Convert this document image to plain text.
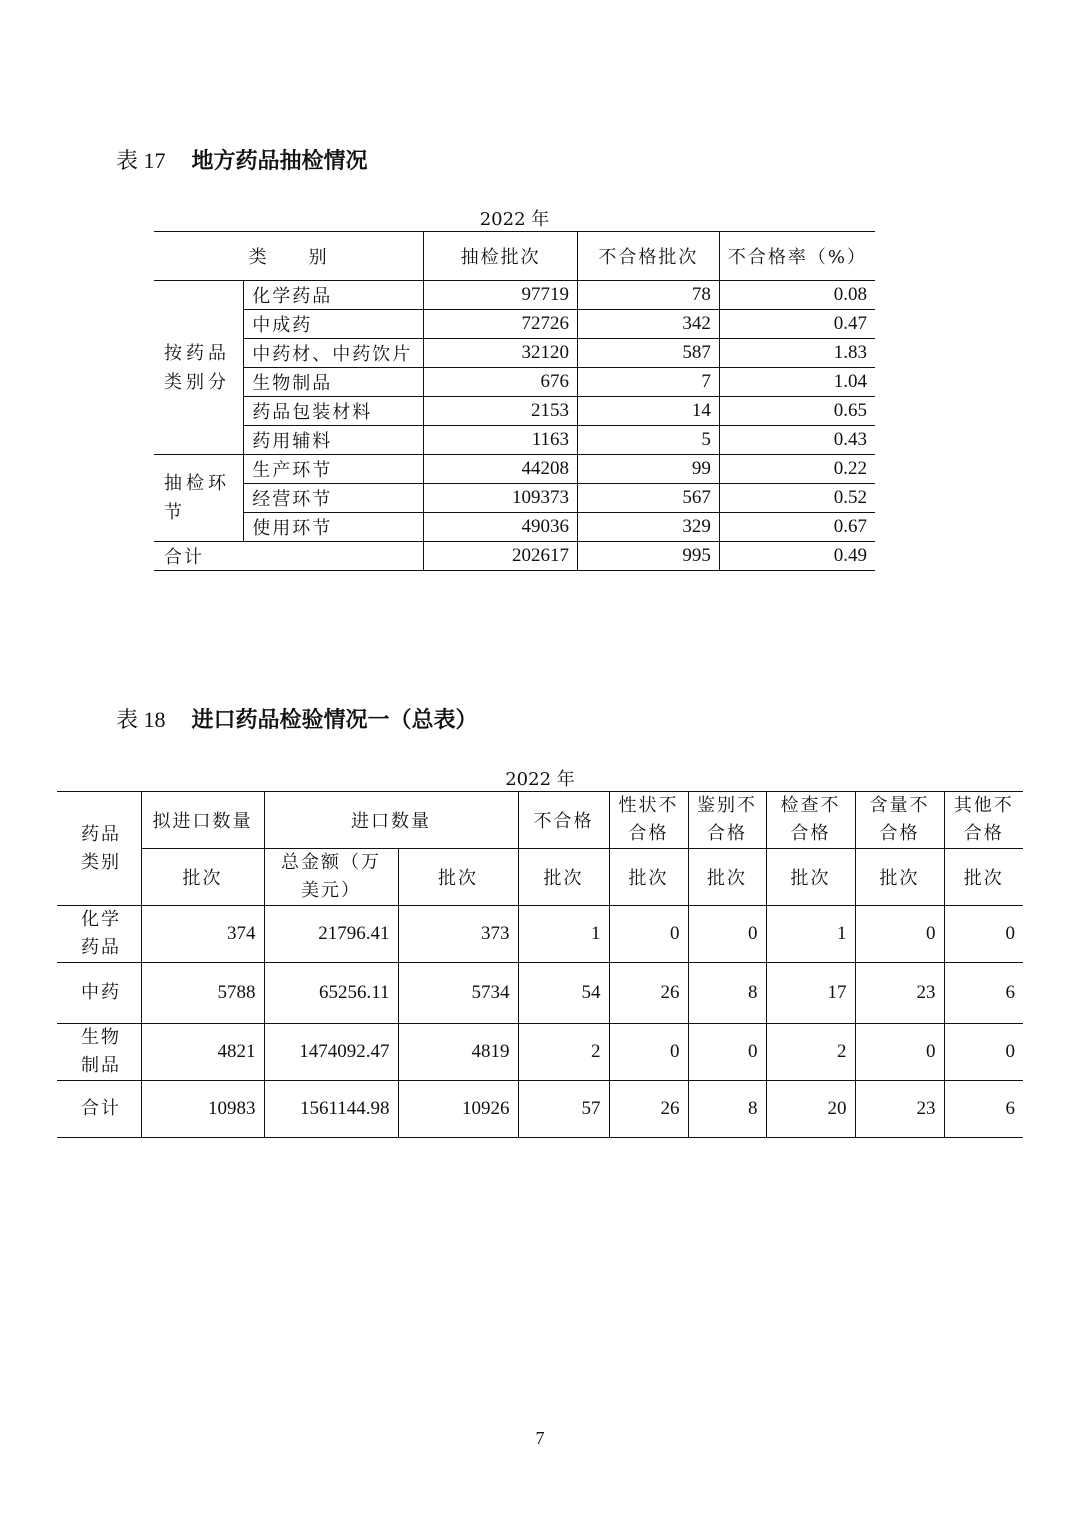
表 17 地方药品抽检情况
2022 年
类　　别		抽检批次	不合格批次	不合格率（%）
按药品类别分	化学药品	97719	78	0.08
	中成药	72726	342	0.47
	中药材、中药饮片	32120	587	1.83
	生物制品	676	7	1.04
	药品包装材料	2153	14	0.65
	药用辅料	1163	5	0.43
抽检环节	生产环节	44208	99	0.22
	经营环节	109373	567	0.52
	使用环节	49036	329	0.67
合计		202617	995	0.49
表 18 进口药品检验情况一（总表）
2022 年
药品类别	拟进口数量	进口数量		不合格	性状不合格	鉴别不合格	检查不合格	含量不合格	其他不合格
	批次	总金额（万美元）	批次	批次	批次	批次	批次	批次	批次
化学药品	374	21796.41	373	1	0	0	1	0	0
中药	5788	65256.11	5734	54	26	8	17	23	6
生物制品	4821	1474092.47	4819	2	0	0	2	0	0
合计	10983	1561144.98	10926	57	26	8	20	23	6
7
